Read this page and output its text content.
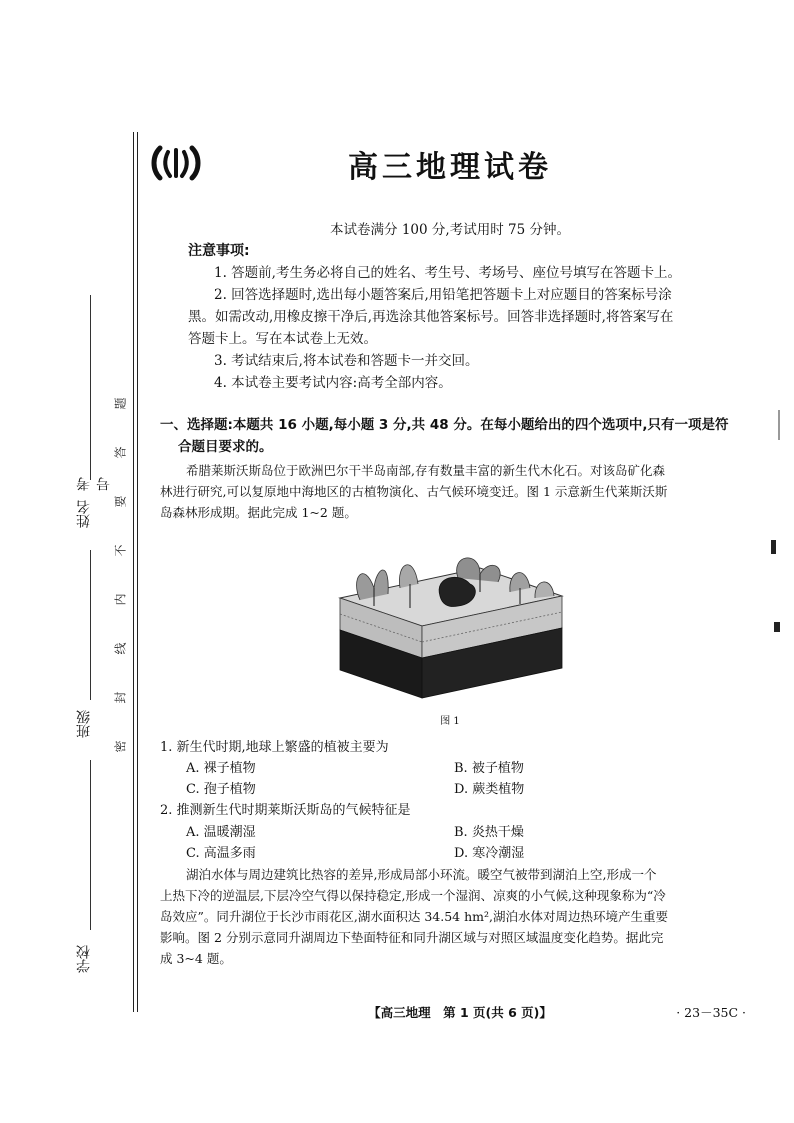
考号
姓名
班级
学校
题
答
要
不
内
线
封
密
高三地理试卷
本试卷满分 100 分,考试用时 75 分钟。
注意事项:

1. 答题前,考生务必将自己的姓名、考生号、考场号、座位号填写在答题卡上。

2. 回答选择题时,选出每小题答案后,用铅笔把答题卡上对应题目的答案标号涂

黑。如需改动,用橡皮擦干净后,再选涂其他答案标号。回答非选择题时,将答案写在

答题卡上。写在本试卷上无效。

3. 考试结束后,将本试卷和答题卡一并交回。

4. 本试卷主要考试内容:高考全部内容。

一、选择题:本题共 16 小题,每小题 3 分,共 48 分。在每小题给出的四个选项中,只有一项是符
合题目要求的。

希腊莱斯沃斯岛位于欧洲巴尔干半岛南部,存有数量丰富的新生代木化石。对该岛矿化森

林进行研究,可以复原地中海地区的古植物演化、古气候环境变迁。图 1 示意新生代莱斯沃斯

岛森林形成期。据此完成 1~2 题。

图 1
1. 新生代时期,地球上繁盛的植被主要为
A. 裸子植物	B. 被子植物
C. 孢子植物	D. 蕨类植物
2. 推测新生代时期莱斯沃斯岛的气候特征是
A. 温暖潮湿	B. 炎热干燥
C. 高温多雨	D. 寒冷潮湿

湖泊水体与周边建筑比热容的差异,形成局部小环流。暖空气被带到湖泊上空,形成一个

上热下冷的逆温层,下层冷空气得以保持稳定,形成一个湿润、凉爽的小气候,这种现象称为“冷

岛效应”。同升湖位于长沙市雨花区,湖水面积达 34.54 hm²,湖泊水体对周边热环境产生重要

影响。图 2 分别示意同升湖周边下垫面特征和同升湖区域与对照区域温度变化趋势。据此完

成 3~4 题。

【高三地理　第 1 页(共 6 页)】	· 23－35C ·
